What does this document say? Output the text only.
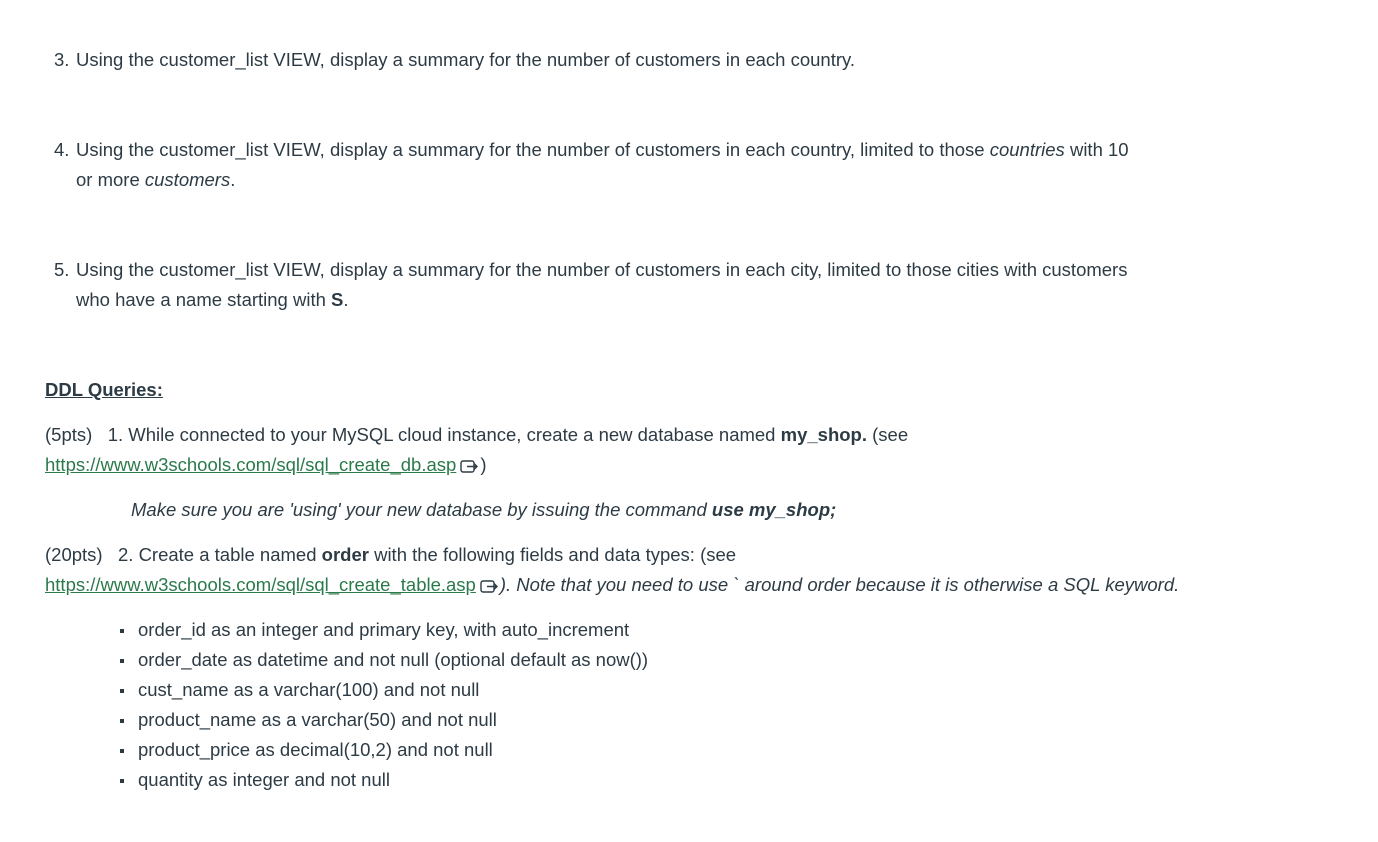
3. Using the customer_list VIEW, display a summary for the number of customers in each country.
4. Using the customer_list VIEW, display a summary for the number of customers in each country, limited to those countries with 10
or more customers.
5. Using the customer_list VIEW, display a summary for the number of customers in each city, limited to those cities with customers
who have a name starting with S.
DDL Queries:
(5pts) 1. While connected to your MySQL cloud instance, create a new database named my_shop. (see
https://www.w3schools.com/sql/sql_create_db.asp )
Make sure you are 'using' your new database by issuing the command use my_shop;
(20pts) 2. Create a table named order with the following fields and data types: (see
https://www.w3schools.com/sql/sql_create_table.asp ). Note that you need to use ` around order because it is otherwise a SQL keyword.
order_id as an integer and primary key, with auto_increment
order_date as datetime and not null (optional default as now())
cust_name as a varchar(100) and not null
product_name as a varchar(50) and not null
product_price as decimal(10,2) and not null
quantity as integer and not null
